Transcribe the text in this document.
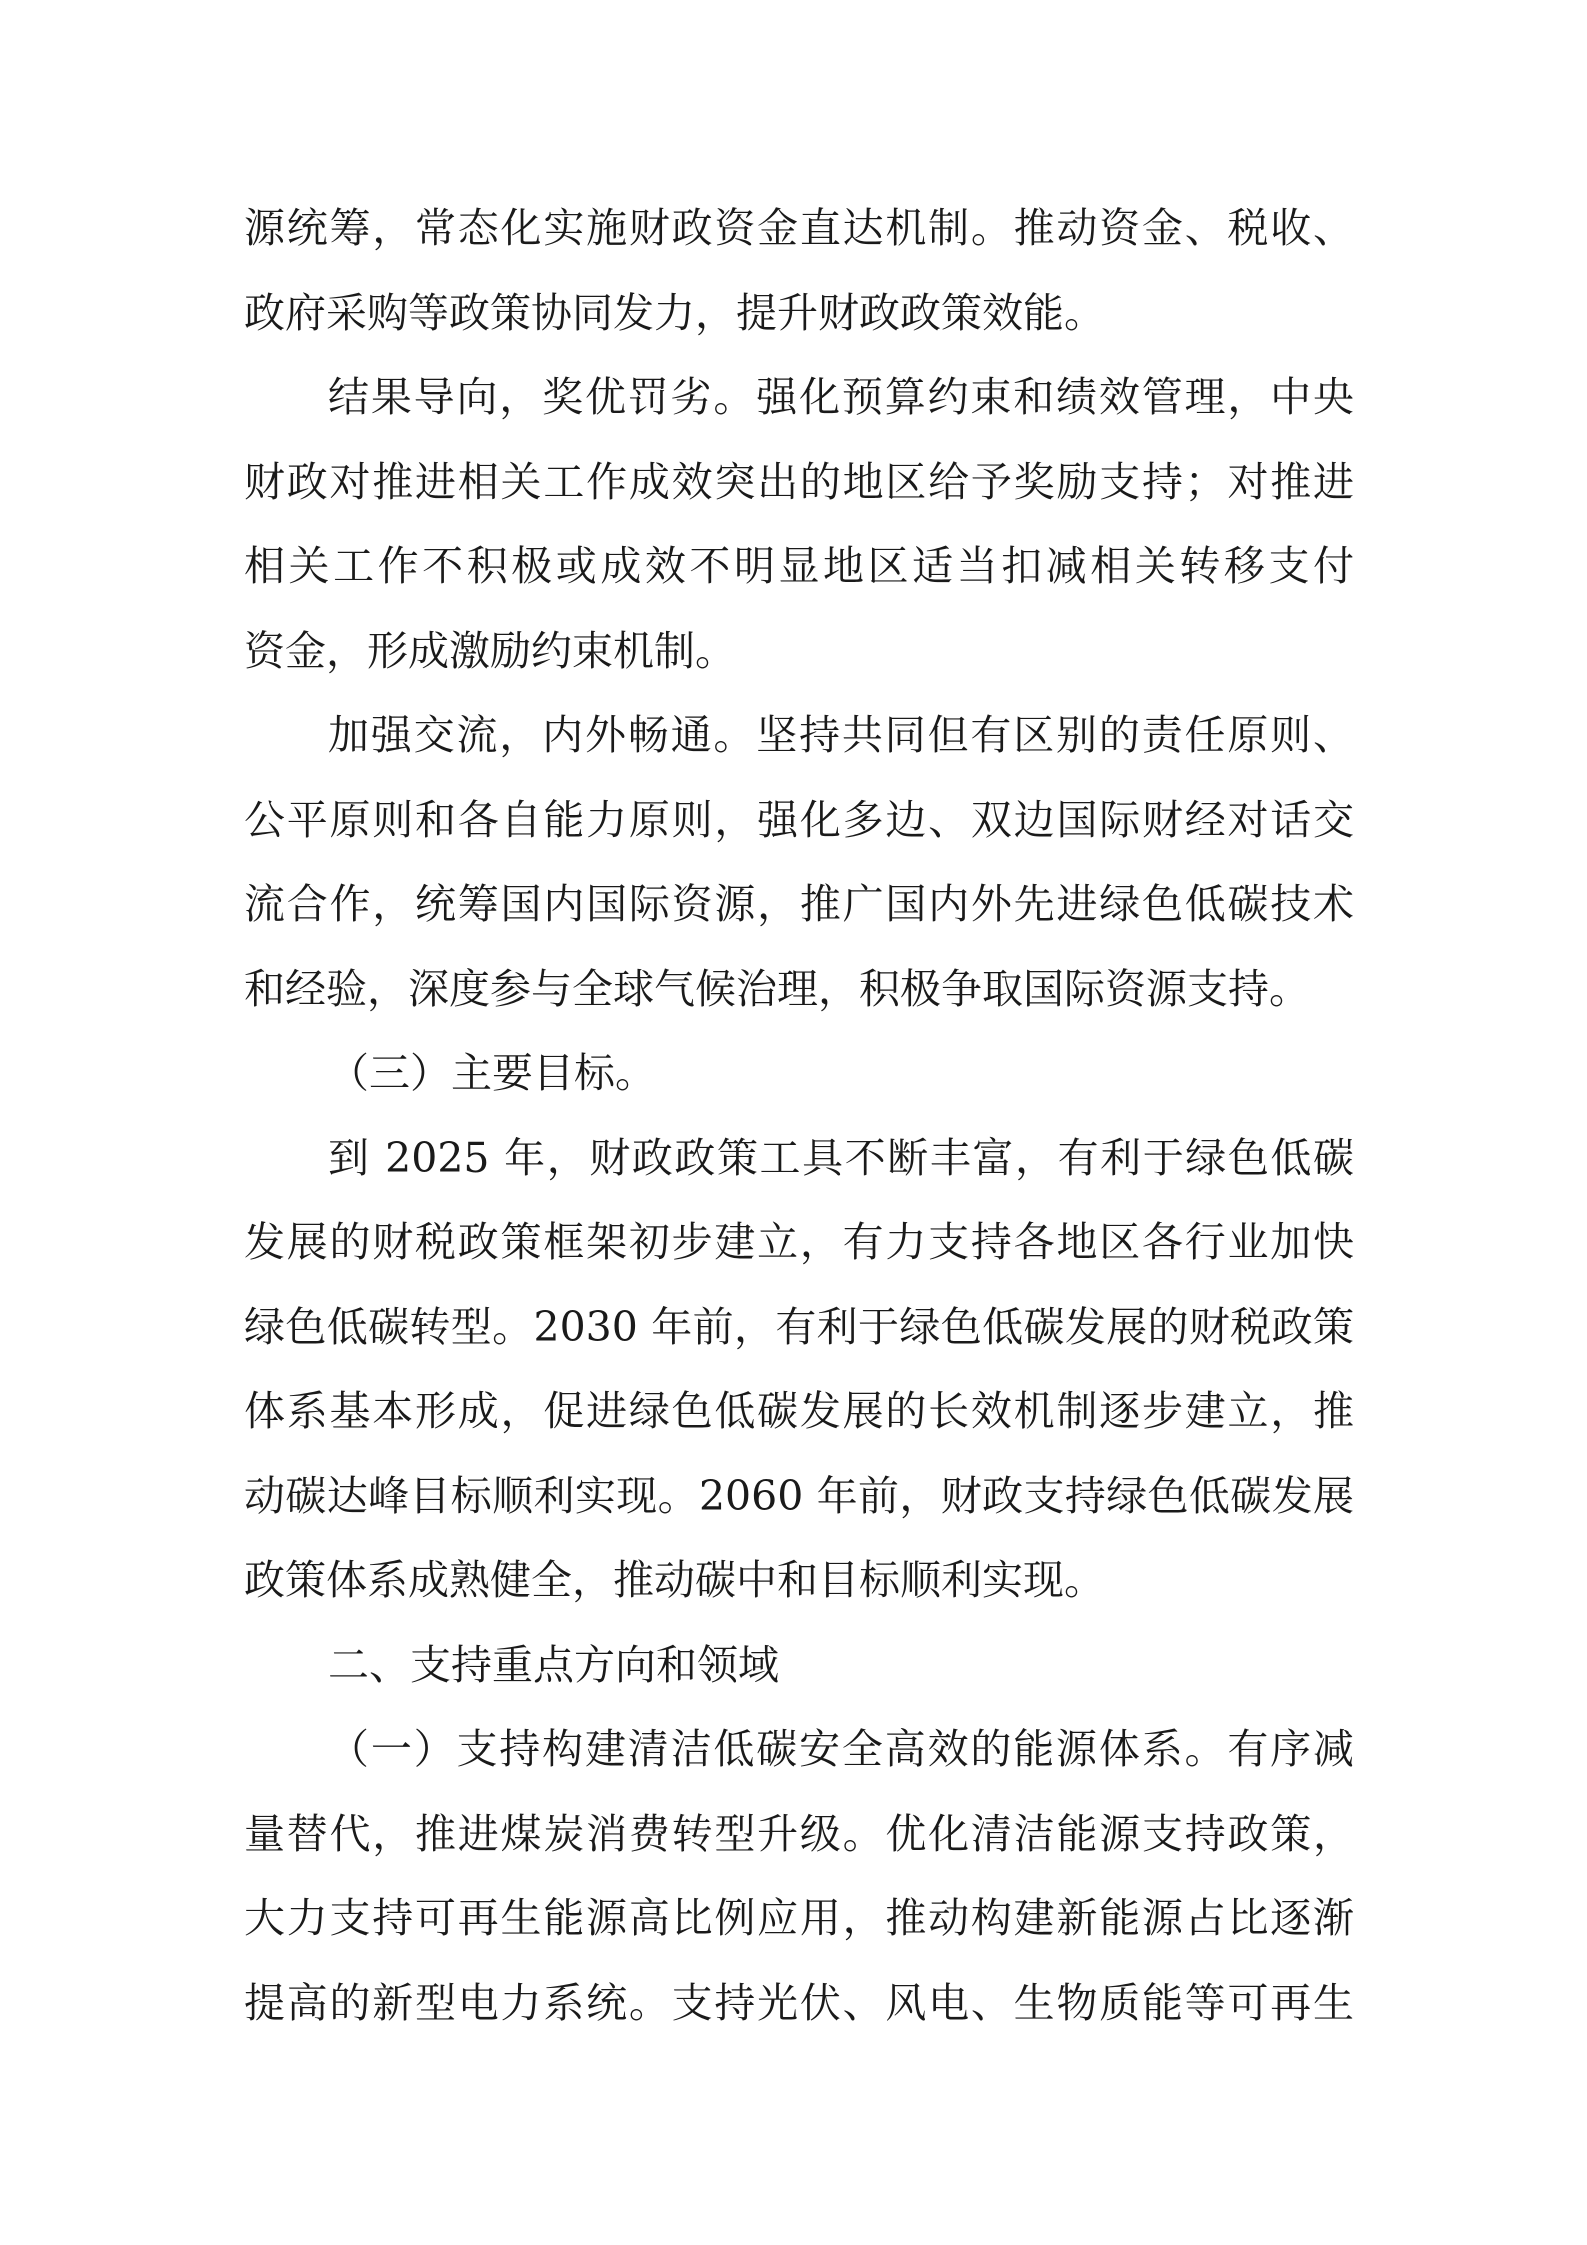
源统筹，常态化实施财政资金直达机制。推动资金、税收、
政府采购等政策协同发力，提升财政政策效能。
结果导向，奖优罚劣。强化预算约束和绩效管理，中央
财政对推进相关工作成效突出的地区给予奖励支持；对推进
相关工作不积极或成效不明显地区适当扣减相关转移支付
资金，形成激励约束机制。
加强交流，内外畅通。坚持共同但有区别的责任原则、
公平原则和各自能力原则，强化多边、双边国际财经对话交
流合作，统筹国内国际资源，推广国内外先进绿色低碳技术
和经验，深度参与全球气候治理，积极争取国际资源支持。
（三）主要目标。
到 2025 年，财政政策工具不断丰富，有利于绿色低碳
发展的财税政策框架初步建立，有力支持各地区各行业加快
绿色低碳转型。2030 年前，有利于绿色低碳发展的财税政策
体系基本形成，促进绿色低碳发展的长效机制逐步建立，推
动碳达峰目标顺利实现。2060 年前，财政支持绿色低碳发展
政策体系成熟健全，推动碳中和目标顺利实现。
二、支持重点方向和领域
（一）支持构建清洁低碳安全高效的能源体系。有序减
量替代，推进煤炭消费转型升级。优化清洁能源支持政策，
大力支持可再生能源高比例应用，推动构建新能源占比逐渐
提高的新型电力系统。支持光伏、风电、生物质能等可再生
